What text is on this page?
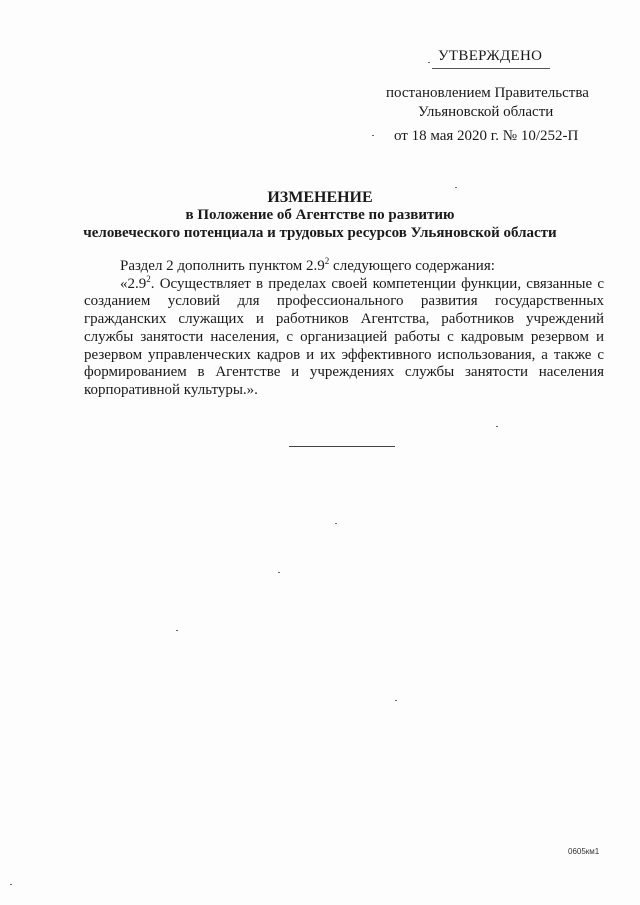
УТВЕРЖДЕНО
постановлением Правительства
Ульяновской области
от 18 мая 2020 г. № 10/252-П
ИЗМЕНЕНИЕ
в Положение об Агентстве по развитию
человеческого потенциала и трудовых ресурсов Ульяновской области

Раздел 2 дополнить пунктом $2.9^2$ следующего содержания:

«$2.9^2$. Осуществляет в пределах своей компетенции функции, связанные с созданием условий для профессионального развития государственных гражданских служащих и работников Агентства, работников учреждений службы занятости населения, с организацией работы с кадровым резервом и резервом управленческих кадров и их эффективного использования, а также с формированием в Агентстве и учреждениях службы занятости населения корпоративной культуры.».

0605км1
